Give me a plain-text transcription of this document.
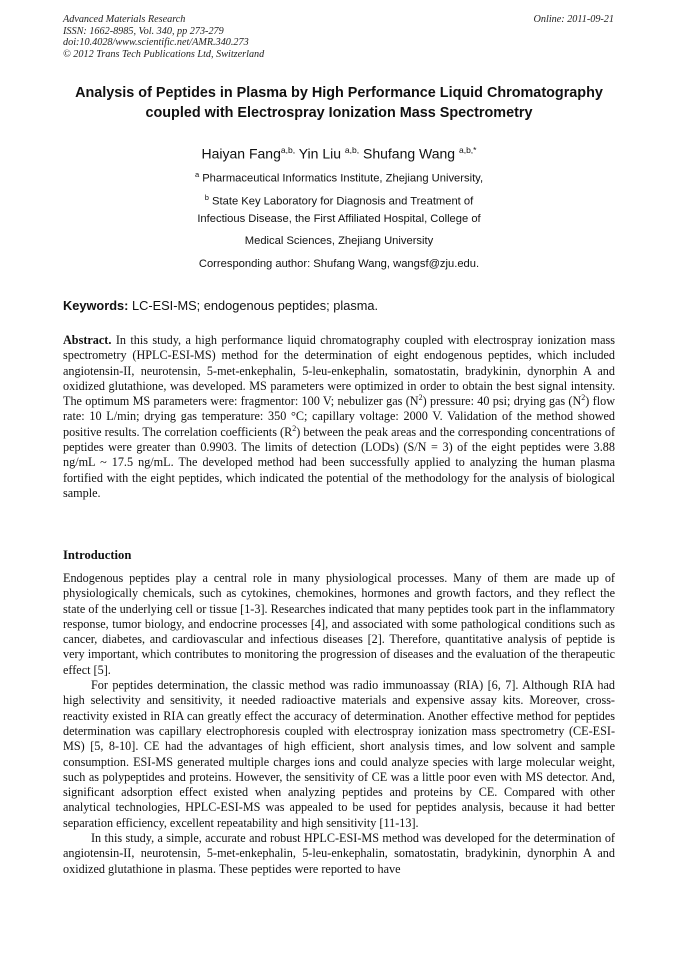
Advanced Materials Research
ISSN: 1662-8985, Vol. 340, pp 273-279
doi:10.4028/www.scientific.net/AMR.340.273
© 2012 Trans Tech Publications Ltd, Switzerland
Online: 2011-09-21
Analysis of Peptides in Plasma by High Performance Liquid Chromatography coupled with Electrospray Ionization Mass Spectrometry
Haiyan Fang$^{a,b,}$ Yin Liu $^{a,b,}$ Shufang Wang $^{a,b,*}$
$^a$ Pharmaceutical Informatics Institute, Zhejiang University,
$^b$ State Key Laboratory for Diagnosis and Treatment of
Infectious Disease, the First Affiliated Hospital, College of
Medical Sciences, Zhejiang University
Corresponding author: Shufang Wang, wangsf@zju.edu.
Keywords: LC-ESI-MS; endogenous peptides; plasma.
Abstract. In this study, a high performance liquid chromatography coupled with electrospray ionization mass spectrometry (HPLC-ESI-MS) method for the determination of eight endogenous peptides, which included angiotensin-II, neurotensin, 5-met-enkephalin, 5-leu-enkephalin, somatostatin, bradykinin, dynorphin A and oxidized glutathione, was developed. MS parameters were optimized in order to obtain the best signal intensity. The optimum MS parameters were: fragmentor: 100 V; nebulizer gas $(N^2)$ pressure: 40 psi; drying gas $(N^2)$ flow rate: 10 L/min; drying gas temperature: 350 °C; capillary voltage: 2000 V. Validation of the method showed positive results. The correlation coefficients $(R^2)$ between the peak areas and the corresponding concentrations of peptides were greater than 0.9903. The limits of detection (LODs) (S/N = 3) of the eight peptides were 3.88 ng/mL ~ 17.5 ng/mL. The developed method had been successfully applied to analyzing the human plasma fortified with the eight peptides, which indicated the potential of the methodology for the analysis of biological sample.
Introduction
Endogenous peptides play a central role in many physiological processes. Many of them are made up of physiologically chemicals, such as cytokines, chemokines, hormones and growth factors, and they reflect the state of the underlying cell or tissue [1-3]. Researches indicated that many peptides took part in the inflammatory response, tumor biology, and endocrine processes [4], and associated with some pathological conditions such as cancer, diabetes, and cardiovascular and infectious diseases [2]. Therefore, quantitative analysis of peptide is very important, which contributes to monitoring the progression of diseases and the evaluation of the therapeutic effect [5].
For peptides determination, the classic method was radio immunoassay (RIA) [6, 7]. Although RIA had high selectivity and sensitivity, it needed radioactive materials and expensive assay kits. Moreover, cross-reactivity existed in RIA can greatly effect the accuracy of determination. Another effective method for peptides determination was capillary electrophoresis coupled with electrospray ionization mass spectrometry (CE-ESI-MS) [5, 8-10]. CE had the advantages of high efficient, short analysis times, and low solvent and sample consumption. ESI-MS generated multiple charges ions and could analyze species with large molecular weight, such as polypeptides and proteins. However, the sensitivity of CE was a little poor even with MS detector. And, significant adsorption effect existed when analyzing peptides and proteins by CE. Compared with other analytical technologies, HPLC-ESI-MS was appealed to be used for peptides analysis, because it had better separation efficiency, excellent repeatability and high sensitivity [11-13].
In this study, a simple, accurate and robust HPLC-ESI-MS method was developed for the determination of angiotensin-II, neurotensin, 5-met-enkephalin, 5-leu-enkephalin, somatostatin, bradykinin, dynorphin A and oxidized glutathione in plasma. These peptides were reported to have
